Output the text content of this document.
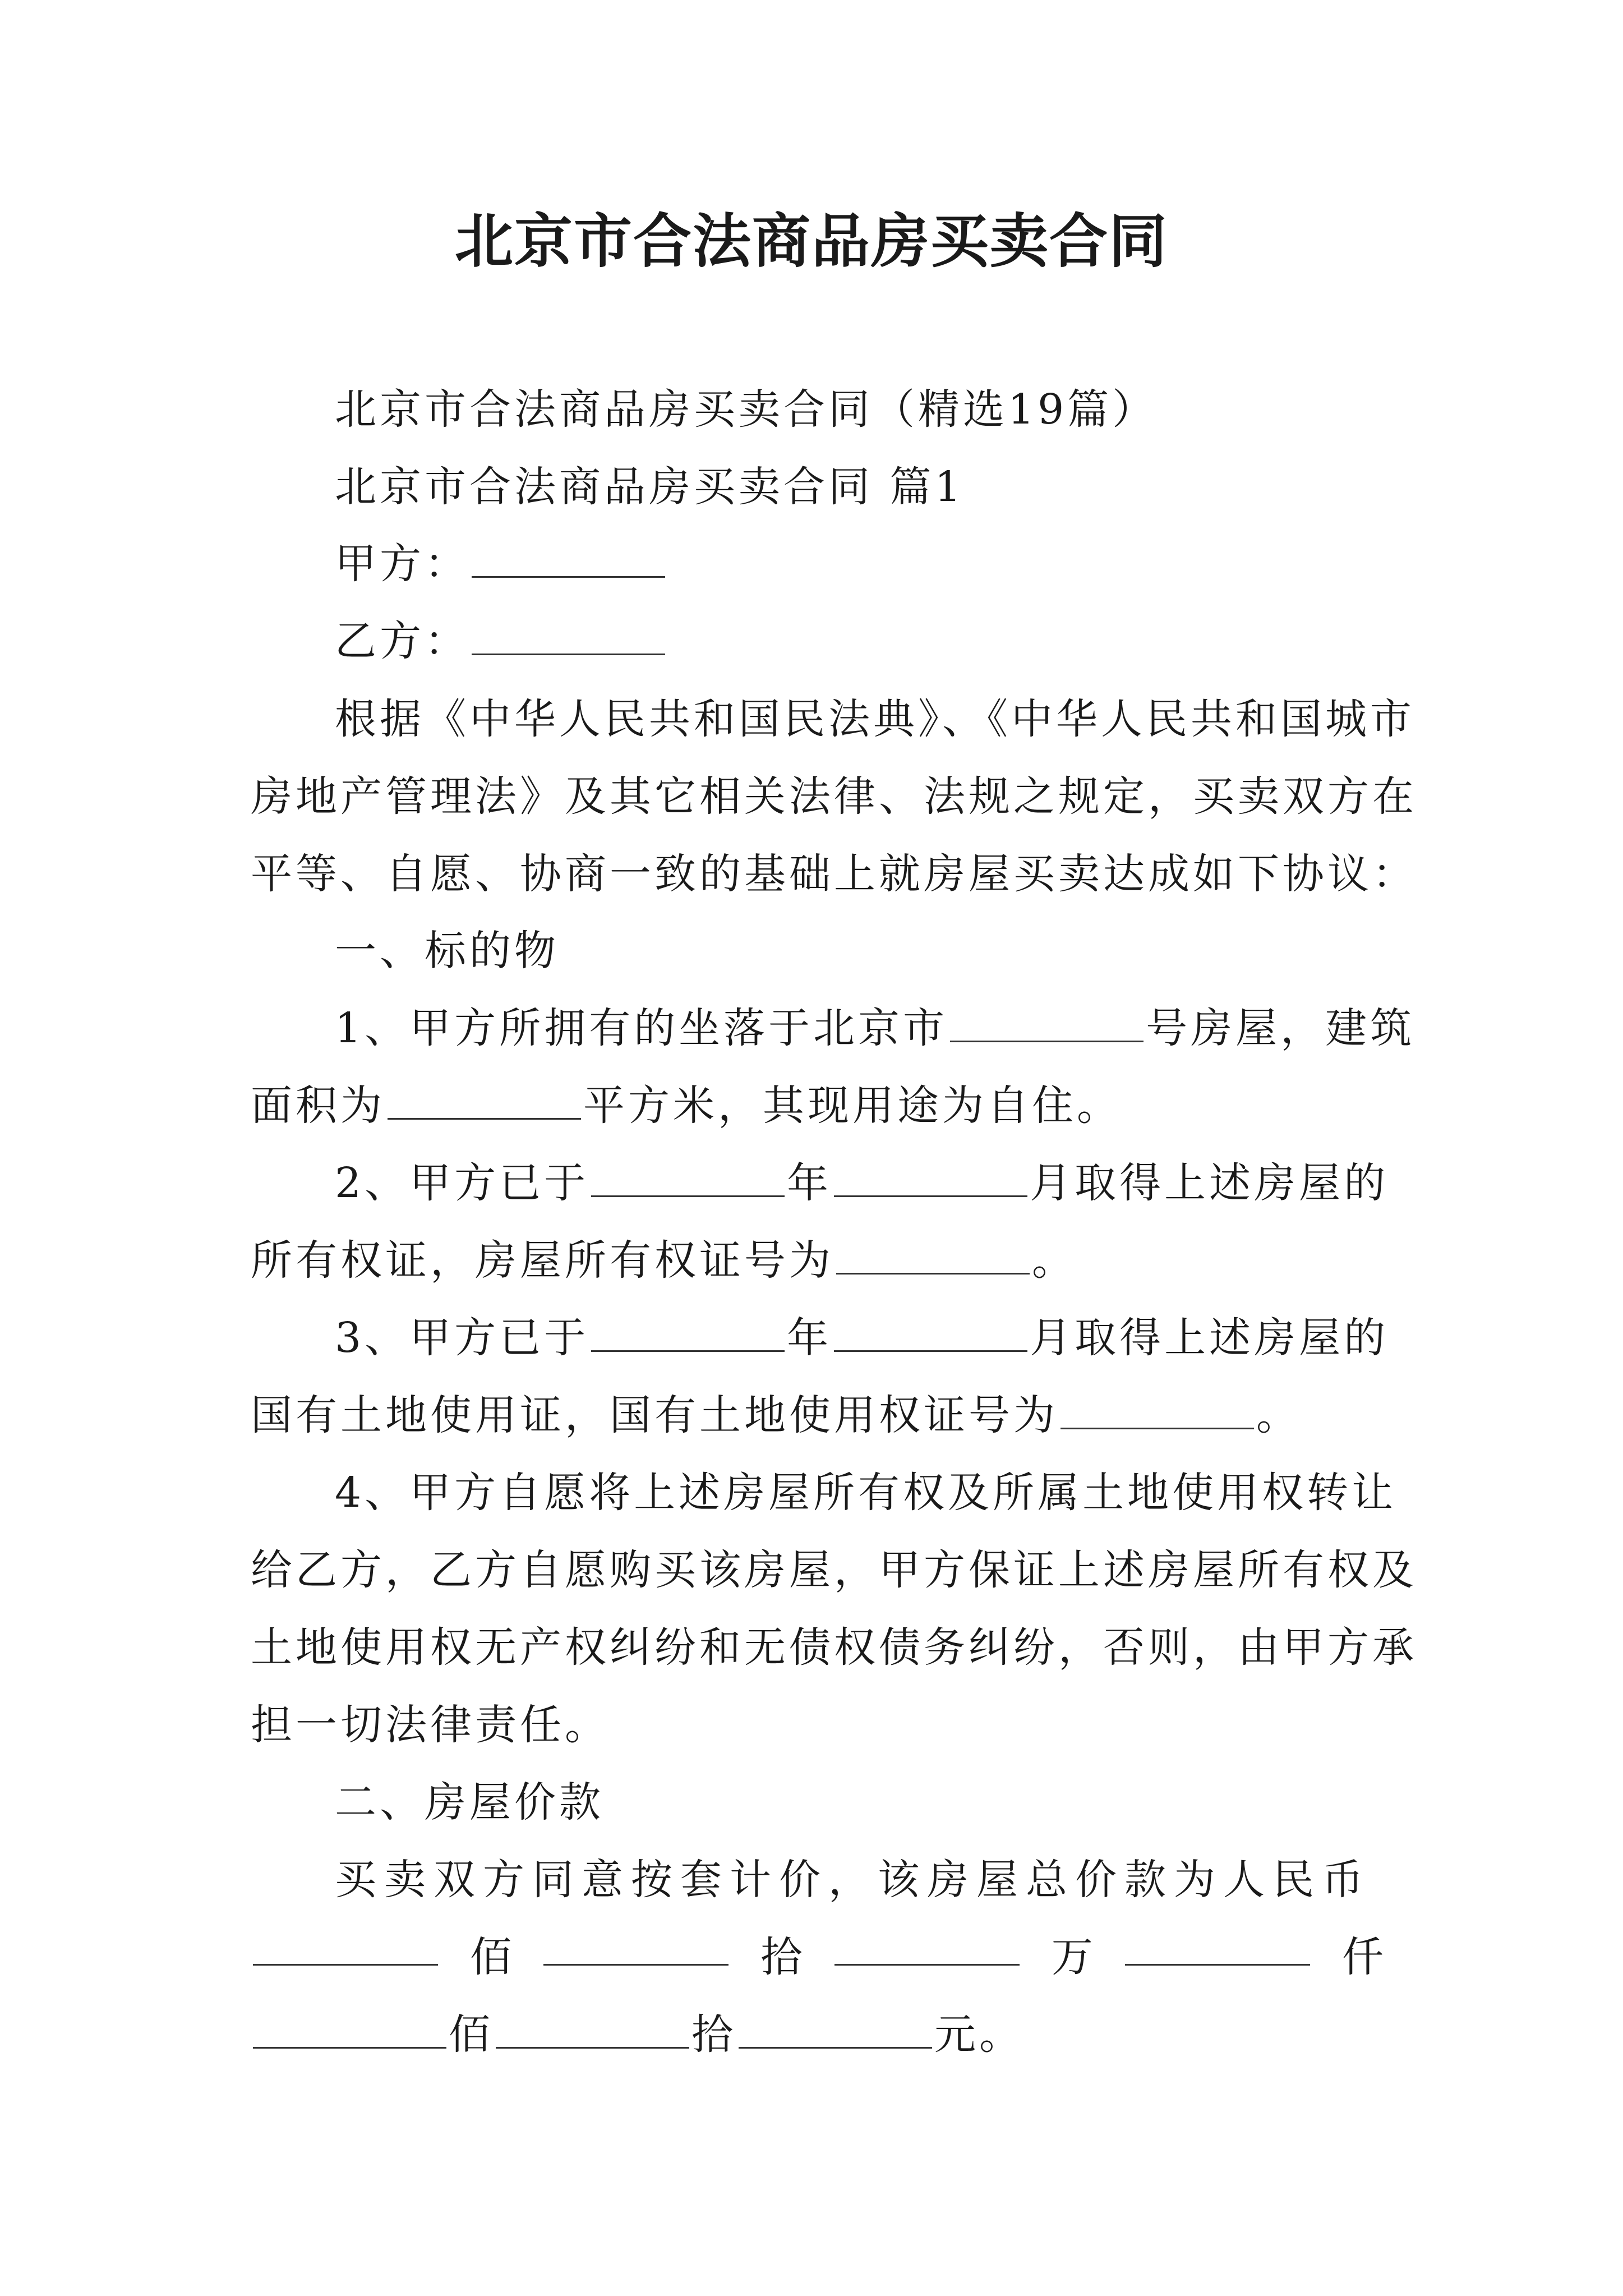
北京市合法商品房买卖合同
北京市合法商品房买卖合同（精选19篇）
北京市合法商品房买卖合同 篇1
甲方：
乙方：
根据《中华人民共和国民法典》、《中华人民共和国城市
房地产管理法》及其它相关法律、法规之规定，买卖双方在
平等、自愿、协商一致的基础上就房屋买卖达成如下协议：
一、标的物
1、甲方所拥有的坐落于北京市	号房屋，建筑
面积为	平方米，其现用途为自住。
2、甲方已于	年	月取得上述房屋的
所有权证，房屋所有权证号为	。
3、甲方已于	年	月取得上述房屋的
国有土地使用证，国有土地使用权证号为	。
4、甲方自愿将上述房屋所有权及所属土地使用权转让
给乙方，乙方自愿购买该房屋，甲方保证上述房屋所有权及
土地使用权无产权纠纷和无债权债务纠纷，否则，由甲方承
担一切法律责任。
二、房屋价款
买卖双方同意按套计价，该房屋总价款为人民币
佰	拾	万	仟
佰	拾	元。
